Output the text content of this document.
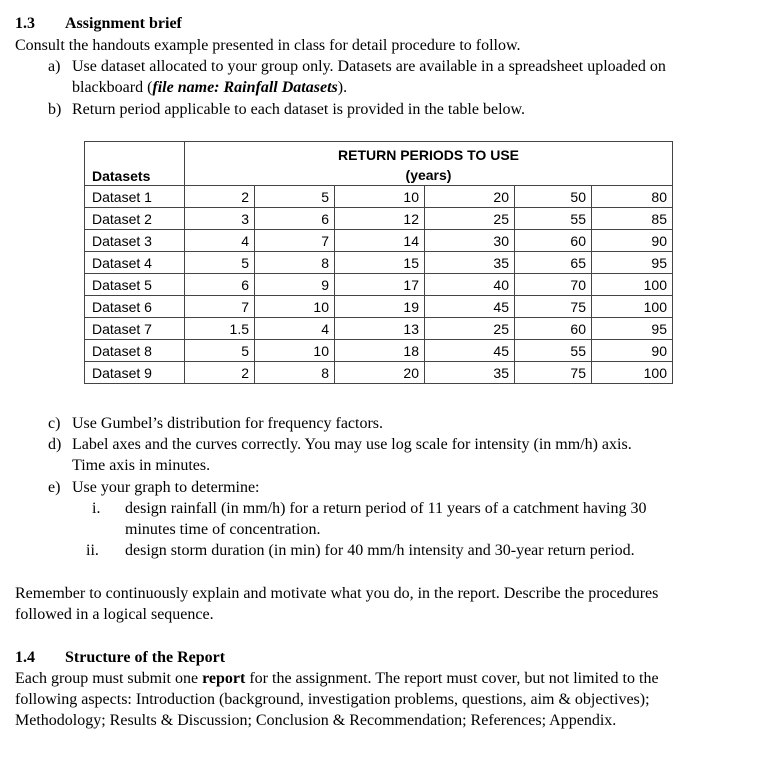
1.3 Assignment brief
Consult the handouts example presented in class for detail procedure to follow.
a) Use dataset allocated to your group only. Datasets are available in a spreadsheet uploaded on
blackboard (file name: Rainfall Datasets).
b) Return period applicable to each dataset is provided in the table below.
Datasets	RETURN PERIODS TO USE
(years)					

Dataset 1	2	5	10	20	50	80
Dataset 2	3	6	12	25	55	85
Dataset 3	4	7	14	30	60	90
Dataset 4	5	8	15	35	65	95
Dataset 5	6	9	17	40	70	100
Dataset 6	7	10	19	45	75	100
Dataset 7	1.5	4	13	25	60	95
Dataset 8	5	10	18	45	55	90
Dataset 9	2	8	20	35	75	100
c) Use Gumbel’s distribution for frequency factors.
d) Label axes and the curves correctly. You may use log scale for intensity (in mm/h) axis.
Time axis in minutes.
e) Use your graph to determine:
i. design rainfall (in mm/h) for a return period of 11 years of a catchment having 30
minutes time of concentration.
ii. design storm duration (in min) for 40 mm/h intensity and 30-year return period.
Remember to continuously explain and motivate what you do, in the report. Describe the procedures
followed in a logical sequence.
1.4 Structure of the Report
Each group must submit one report for the assignment. The report must cover, but not limited to the
following aspects: Introduction (background, investigation problems, questions, aim & objectives);
Methodology; Results & Discussion; Conclusion & Recommendation; References; Appendix.
